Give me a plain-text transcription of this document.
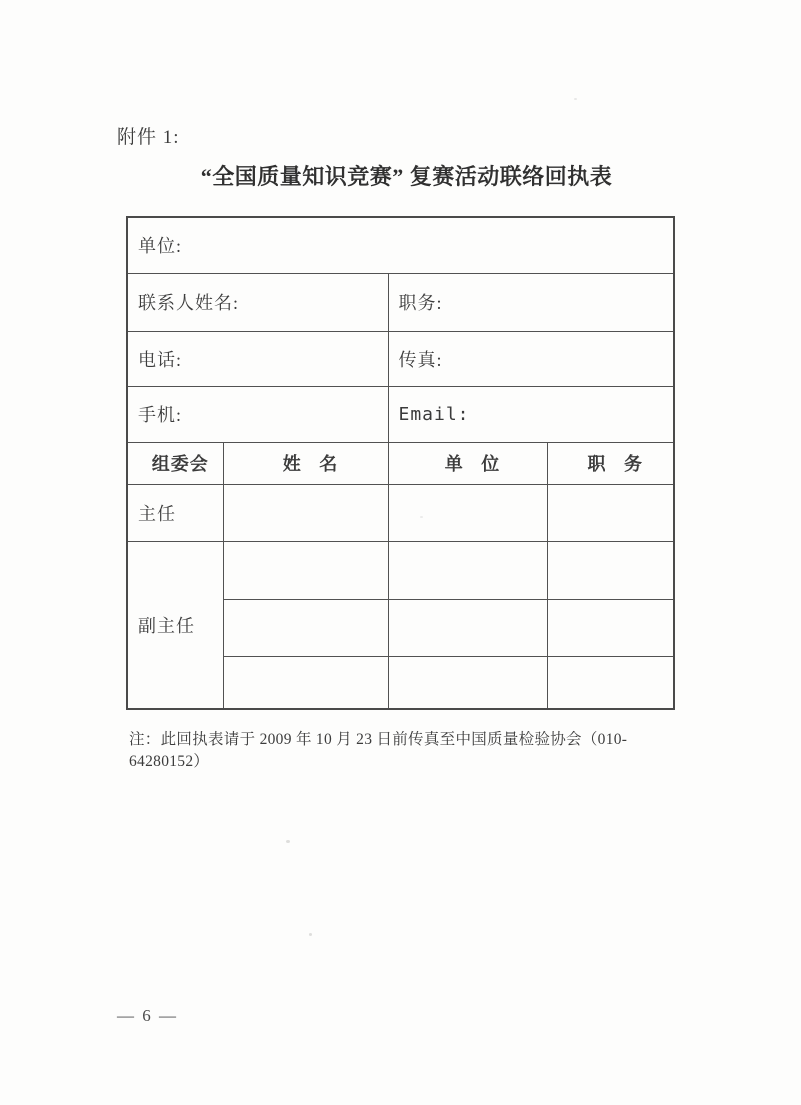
附件 1:
“全国质量知识竞赛” 复赛活动联络回执表
单位:			
联系人姓名:		职务:	
电话:		传真:	
手机:		Email:	
组委会	姓 名	单 位	职 务
主任			
副主任			

注：此回执表请于 2009 年 10 月 23 日前传真至中国质量检验协会（010-64280152）
— 6 —
